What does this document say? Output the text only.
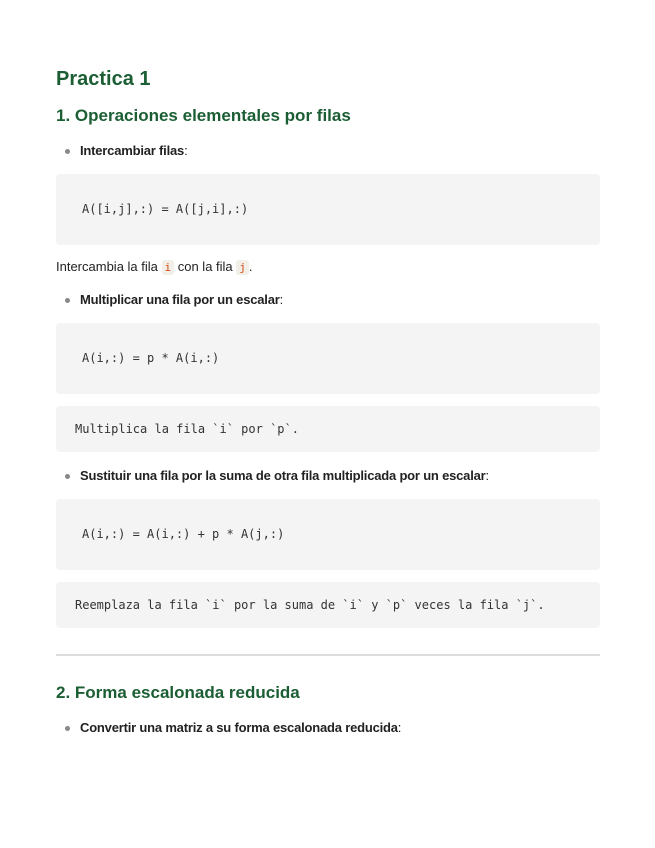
Practica 1
1. Operaciones elementales por filas
Intercambiar filas:
A([i,j],:) = A([j,i],:)
Intercambia la fila i con la fila j .
Multiplicar una fila por un escalar:
A(i,:) = p * A(i,:)
Multiplica la fila `i` por `p`.
Sustituir una fila por la suma de otra fila multiplicada por un escalar:
A(i,:) = A(i,:) + p * A(j,:)
Reemplaza la fila `i` por la suma de `i` y `p` veces la fila `j`.
2. Forma escalonada reducida
Convertir una matriz a su forma escalonada reducida:
